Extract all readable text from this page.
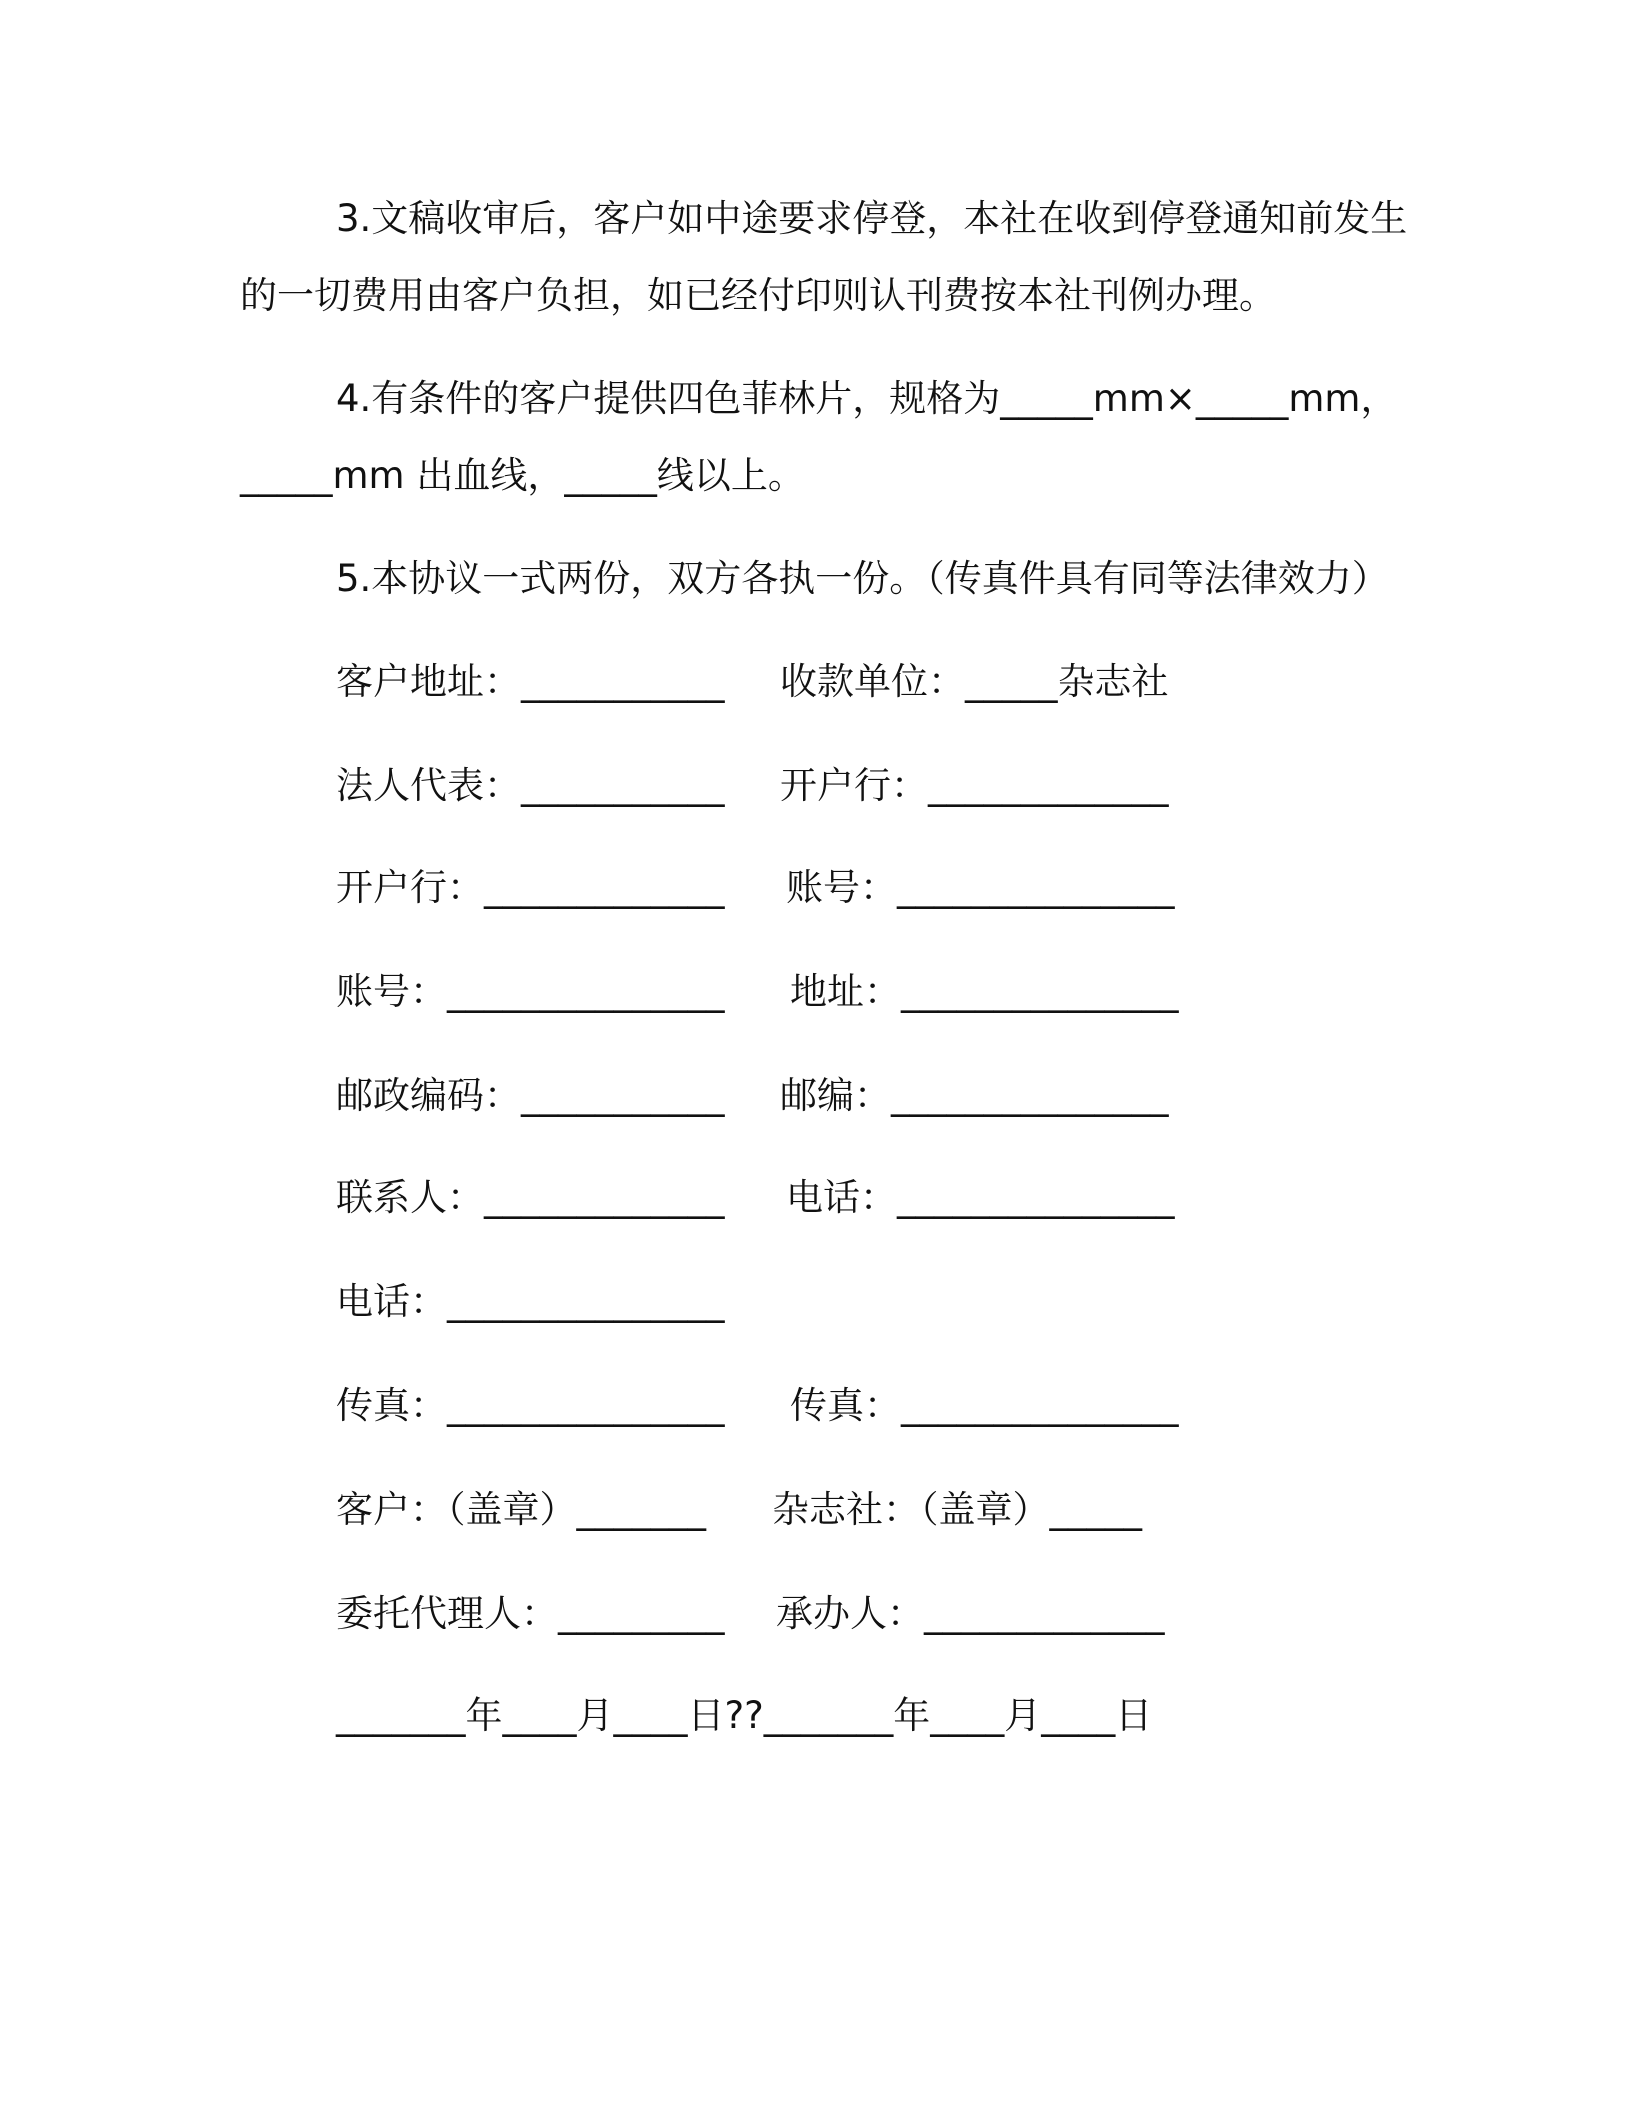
3.文稿收审后，客户如中途要求停登，本社在收到停登通知前发生的一切费用由客户负担，如已经付印则认刊费按本社刊例办理。
4.有条件的客户提供四色菲林片，规格为_____mm×_____mm，_____mm 出血线，_____线以上。
5.本协议一式两份，双方各执一份。（传真件具有同等法律效力）
客户地址：___________ 收款单位：_____杂志社
法人代表：___________ 开户行：_____________
开户行：_____________ 账号：_______________
账号：_______________ 地址：_______________
邮政编码：___________ 邮编：_______________
联系人：_____________ 电话：_______________
电话：_______________
传真：_______________ 传真：_______________
客户：（盖章）_______ 杂志社：（盖章）_____
委托代理人：_________ 承办人：_____________
_______年____月____日??_______年____月____日
